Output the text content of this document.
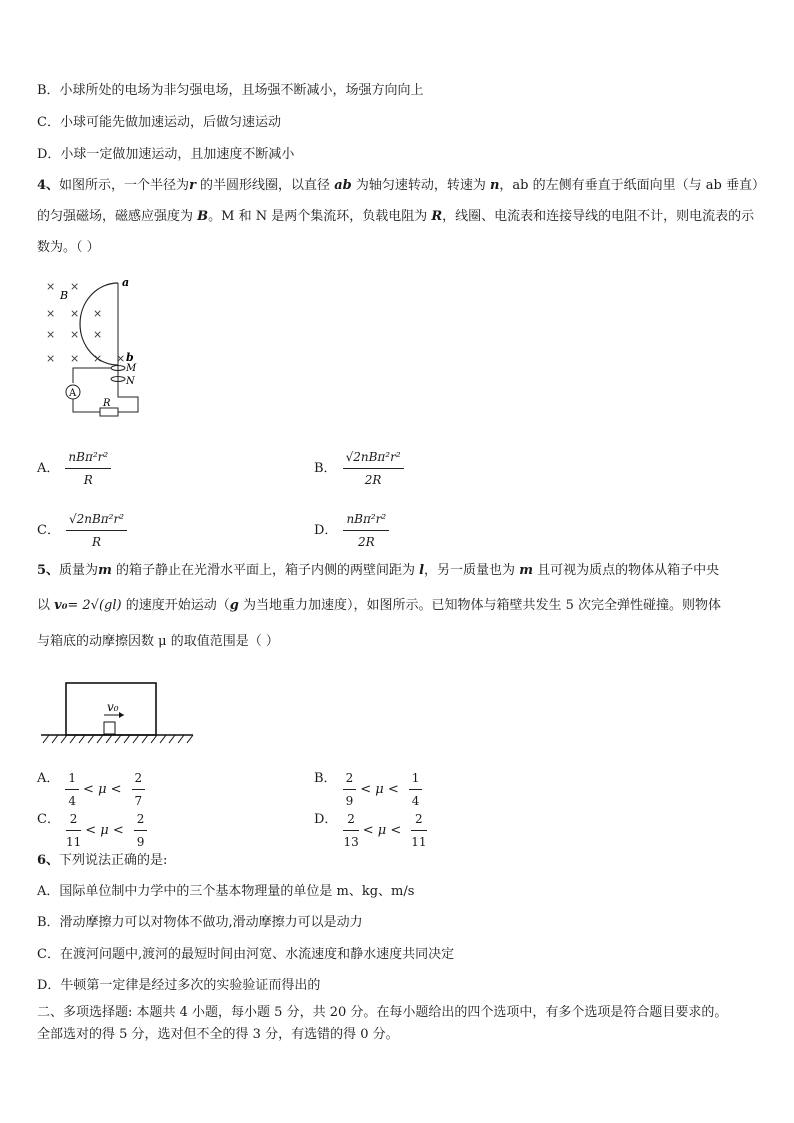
B．小球所处的电场为非匀强电场，且场强不断减小，场强方向向上
C．小球可能先做加速运动，后做匀速运动
D．小球一定做加速运动，且加速度不断减小
4、如图所示，一个半径为r 的半圆形线圈，以直径 ab 为轴匀速转动，转速为 n，ab 的左侧有垂直于纸面向里（与 ab 垂直）的匀强磁场，磁感应强度为 B。M 和 N 是两个集流环，负载电阻为 R，线圈、电流表和连接导线的电阻不计，则电流表的示数为。（ ）
× ×
× × ×
× × ×
× × × ×
B
a
b
M
N
A
R
A． $\frac{\text{nBπ²r²}}{R}$	B． $\frac{\text{√2nBπ²r²}}{2R}$
C． $\frac{\text{√2nBπ²r²}}{R}$	D． $\frac{\text{nBπ²r²}}{2R}$
5、质量为m 的箱子静止在光滑水平面上，箱子内侧的两壁间距为 l，另一质量也为 m 且可视为质点的物体从箱子中央
以 v₀= 2√(gl) 的速度开始运动（g 为当地重力加速度），如图所示。已知物体与箱壁共发生 5 次完全弹性碰撞。则物体
与箱底的动摩擦因数 μ 的取值范围是（ ）
v₀
A． $\frac{1}{4} < \mu < \frac{2}{7}$	B． $\frac{2}{9} < \mu < \frac{1}{4}$
C． $\frac{2}{11} < \mu < \frac{2}{9}$	D． $\frac{2}{13} < \mu < \frac{2}{11}$
6、下列说法正确的是:
A．国际单位制中力学中的三个基本物理量的单位是 m、kg、m/s
B．滑动摩擦力可以对物体不做功,滑动摩擦力可以是动力
C．在渡河问题中,渡河的最短时间由河宽、水流速度和静水速度共同决定
D．牛顿第一定律是经过多次的实验验证而得出的
二、多项选择题: 本题共 4 小题，每小题 5 分，共 20 分。在每小题给出的四个选项中，有多个选项是符合题目要求的。
全部选对的得 5 分，选对但不全的得 3 分，有选错的得 0 分。
